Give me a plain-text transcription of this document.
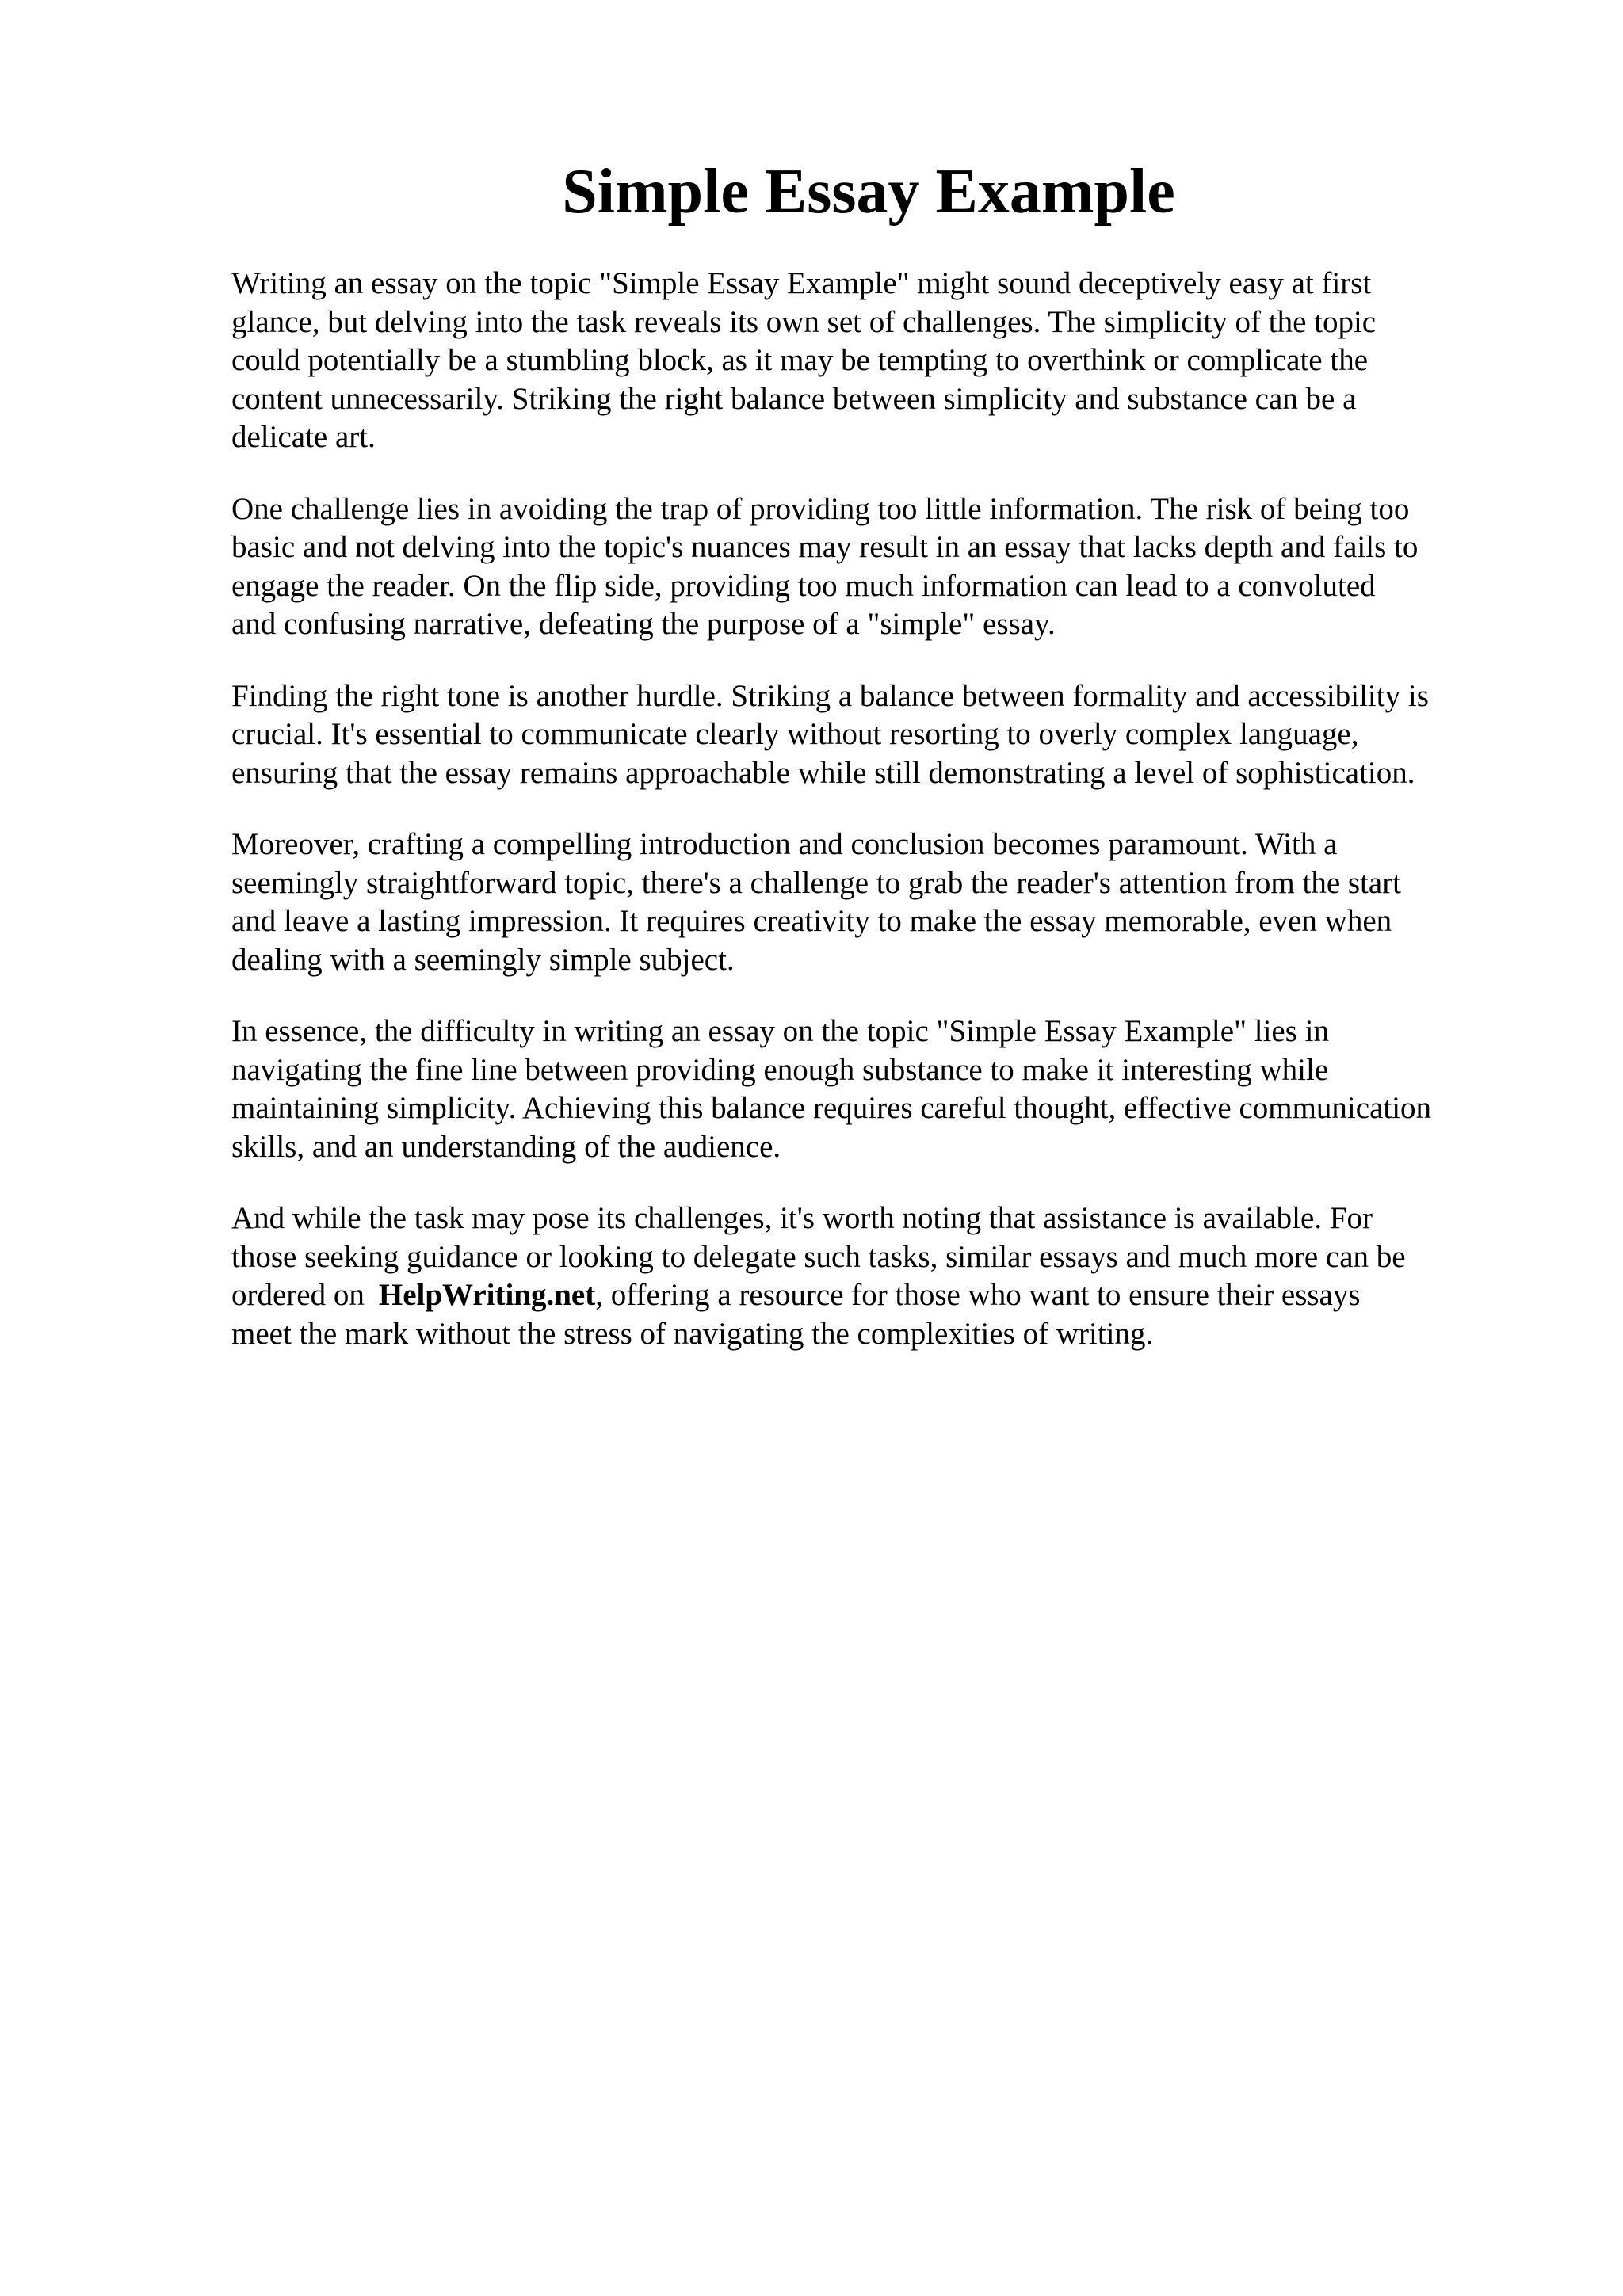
Simple Essay Example

Writing an essay on the topic "Simple Essay Example" might sound deceptively easy at first
glance, but delving into the task reveals its own set of challenges. The simplicity of the topic
could potentially be a stumbling block, as it may be tempting to overthink or complicate the
content unnecessarily. Striking the right balance between simplicity and substance can be a
delicate art.

One challenge lies in avoiding the trap of providing too little information. The risk of being too
basic and not delving into the topic's nuances may result in an essay that lacks depth and fails to
engage the reader. On the flip side, providing too much information can lead to a convoluted
and confusing narrative, defeating the purpose of a "simple" essay.

Finding the right tone is another hurdle. Striking a balance between formality and accessibility is
crucial. It's essential to communicate clearly without resorting to overly complex language,
ensuring that the essay remains approachable while still demonstrating a level of sophistication.

Moreover, crafting a compelling introduction and conclusion becomes paramount. With a
seemingly straightforward topic, there's a challenge to grab the reader's attention from the start
and leave a lasting impression. It requires creativity to make the essay memorable, even when
dealing with a seemingly simple subject.

In essence, the difficulty in writing an essay on the topic "Simple Essay Example" lies in
navigating the fine line between providing enough substance to make it interesting while
maintaining simplicity. Achieving this balance requires careful thought, effective communication
skills, and an understanding of the audience.

And while the task may pose its challenges, it's worth noting that assistance is available. For
those seeking guidance or looking to delegate such tasks, similar essays and much more can be
ordered on HelpWriting.net, offering a resource for those who want to ensure their essays
meet the mark without the stress of navigating the complexities of writing.
